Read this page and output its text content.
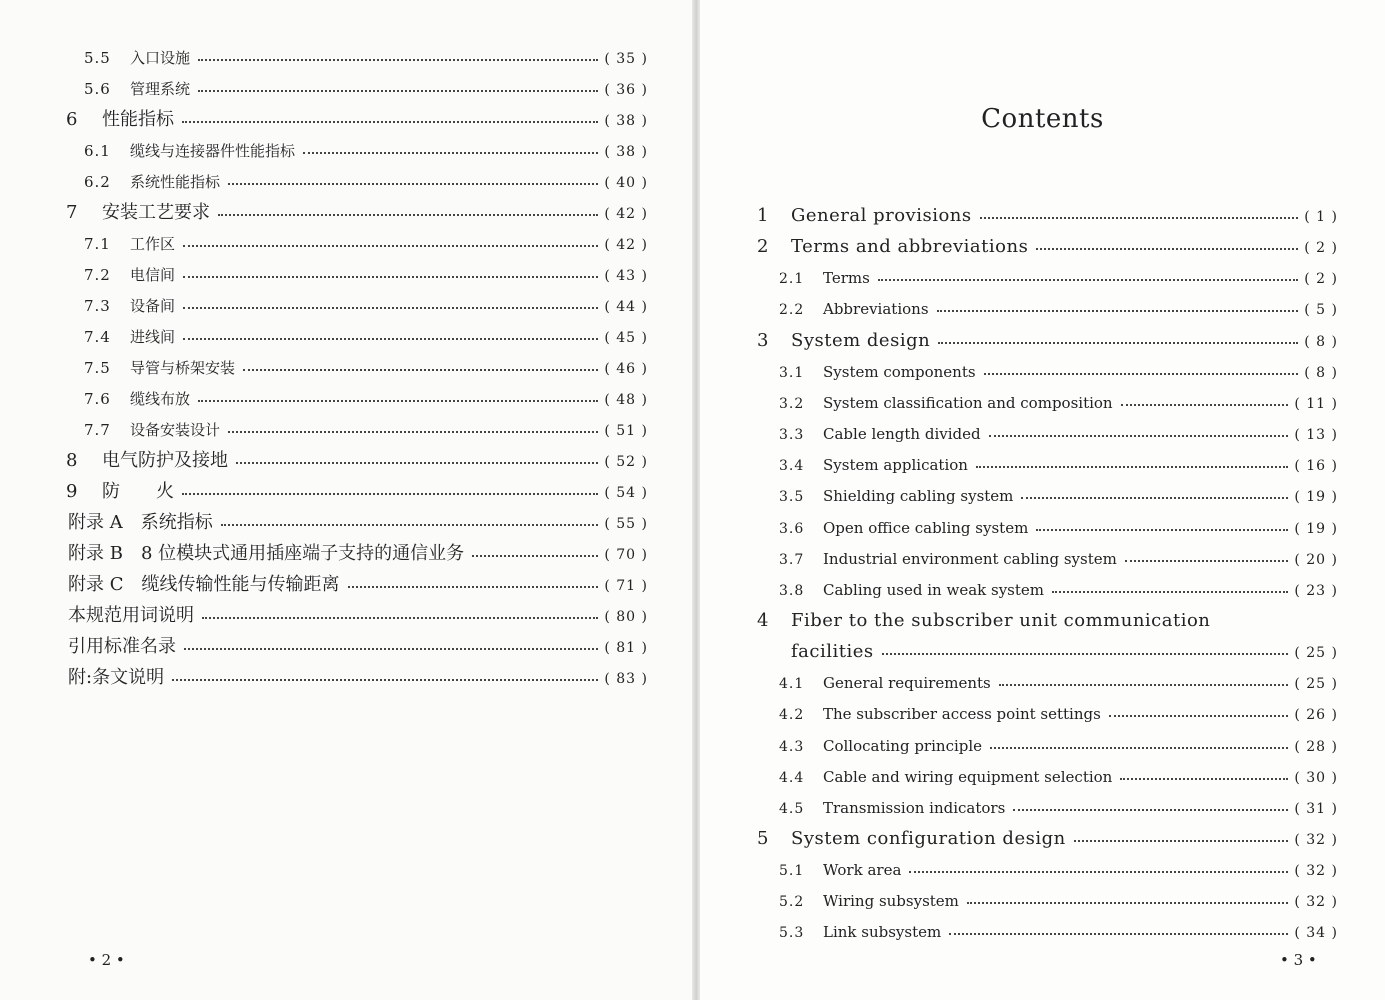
5.5	入口设施	( 35 )
5.6	管理系统	( 36 )
6	性能指标	( 38 )
6.1	缆线与连接器件性能指标	( 38 )
6.2	系统性能指标	( 40 )
7	安装工艺要求	( 42 )
7.1	工作区	( 42 )
7.2	电信间	( 43 )
7.3	设备间	( 44 )
7.4	进线间	( 45 )
7.5	导管与桥架安装	( 46 )
7.6	缆线布放	( 48 )
7.7	设备安装设计	( 51 )
8	电气防护及接地	( 52 )
9	防　　火	( 54 )
附录 A　系统指标	( 55 )
附录 B　8 位模块式通用插座端子支持的通信业务	( 70 )
附录 C　缆线传输性能与传输距离	( 71 )
本规范用词说明	( 80 )
引用标准名录	( 81 )
附:条文说明	( 83 )
• 2 •
Contents
1	General provisions	( 1 )
2	Terms and abbreviations	( 2 )
2.1	Terms	( 2 )
2.2	Abbreviations	( 5 )
3	System design	( 8 )
3.1	System components	( 8 )
3.2	System classification and composition	( 11 )
3.3	Cable length divided	( 13 )
3.4	System application	( 16 )
3.5	Shielding cabling system	( 19 )
3.6	Open office cabling system	( 19 )
3.7	Industrial environment cabling system	( 20 )
3.8	Cabling used in weak system	( 23 )
4	Fiber to the subscriber unit communication
facilities	( 25 )
4.1	General requirements	( 25 )
4.2	The subscriber access point settings	( 26 )
4.3	Collocating principle	( 28 )
4.4	Cable and wiring equipment selection	( 30 )
4.5	Transmission indicators	( 31 )
5	System configuration design	( 32 )
5.1	Work area	( 32 )
5.2	Wiring subsystem	( 32 )
5.3	Link subsystem	( 34 )
• 3 •
